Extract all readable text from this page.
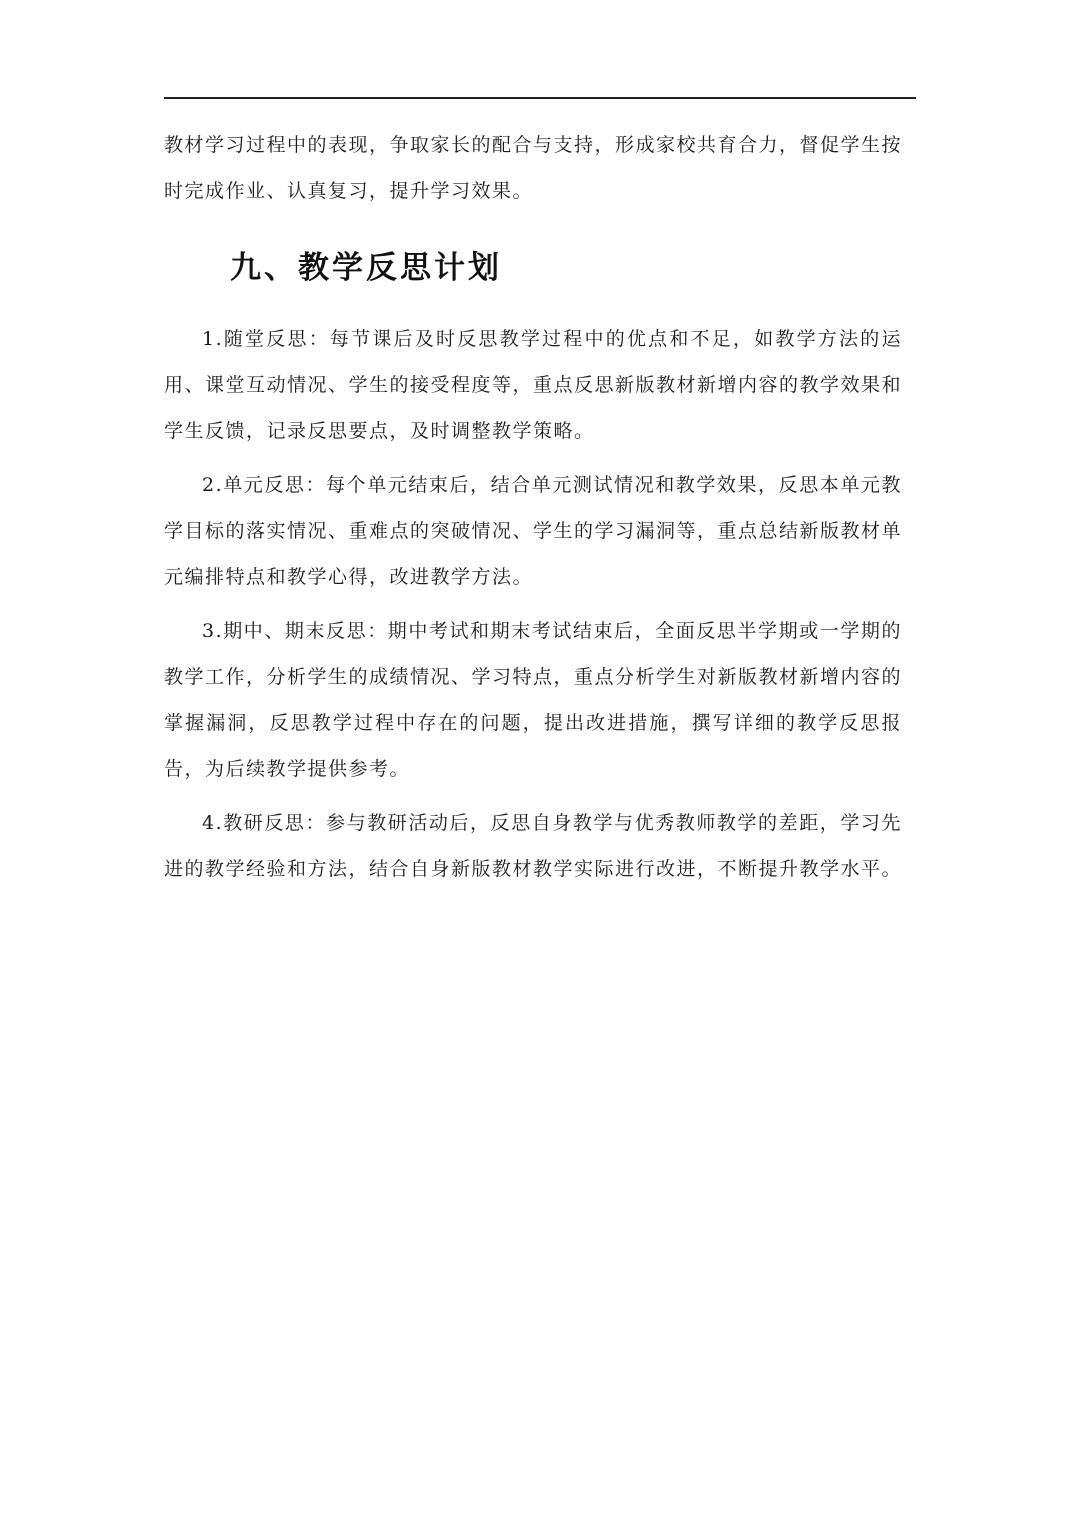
教材学习过程中的表现，争取家长的配合与支持，形成家校共育合力，督促学生按时完成作业、认真复习，提升学习效果。

九、教学反思计划

1.随堂反思：每节课后及时反思教学过程中的优点和不足，如教学方法的运用、课堂互动情况、学生的接受程度等，重点反思新版教材新增内容的教学效果和学生反馈，记录反思要点，及时调整教学策略。

2.单元反思：每个单元结束后，结合单元测试情况和教学效果，反思本单元教学目标的落实情况、重难点的突破情况、学生的学习漏洞等，重点总结新版教材单元编排特点和教学心得，改进教学方法。

3.期中、期末反思：期中考试和期末考试结束后，全面反思半学期或一学期的教学工作，分析学生的成绩情况、学习特点，重点分析学生对新版教材新增内容的掌握漏洞，反思教学过程中存在的问题，提出改进措施，撰写详细的教学反思报告，为后续教学提供参考。

4.教研反思：参与教研活动后，反思自身教学与优秀教师教学的差距，学习先进的教学经验和方法，结合自身新版教材教学实际进行改进，不断提升教学水平。
